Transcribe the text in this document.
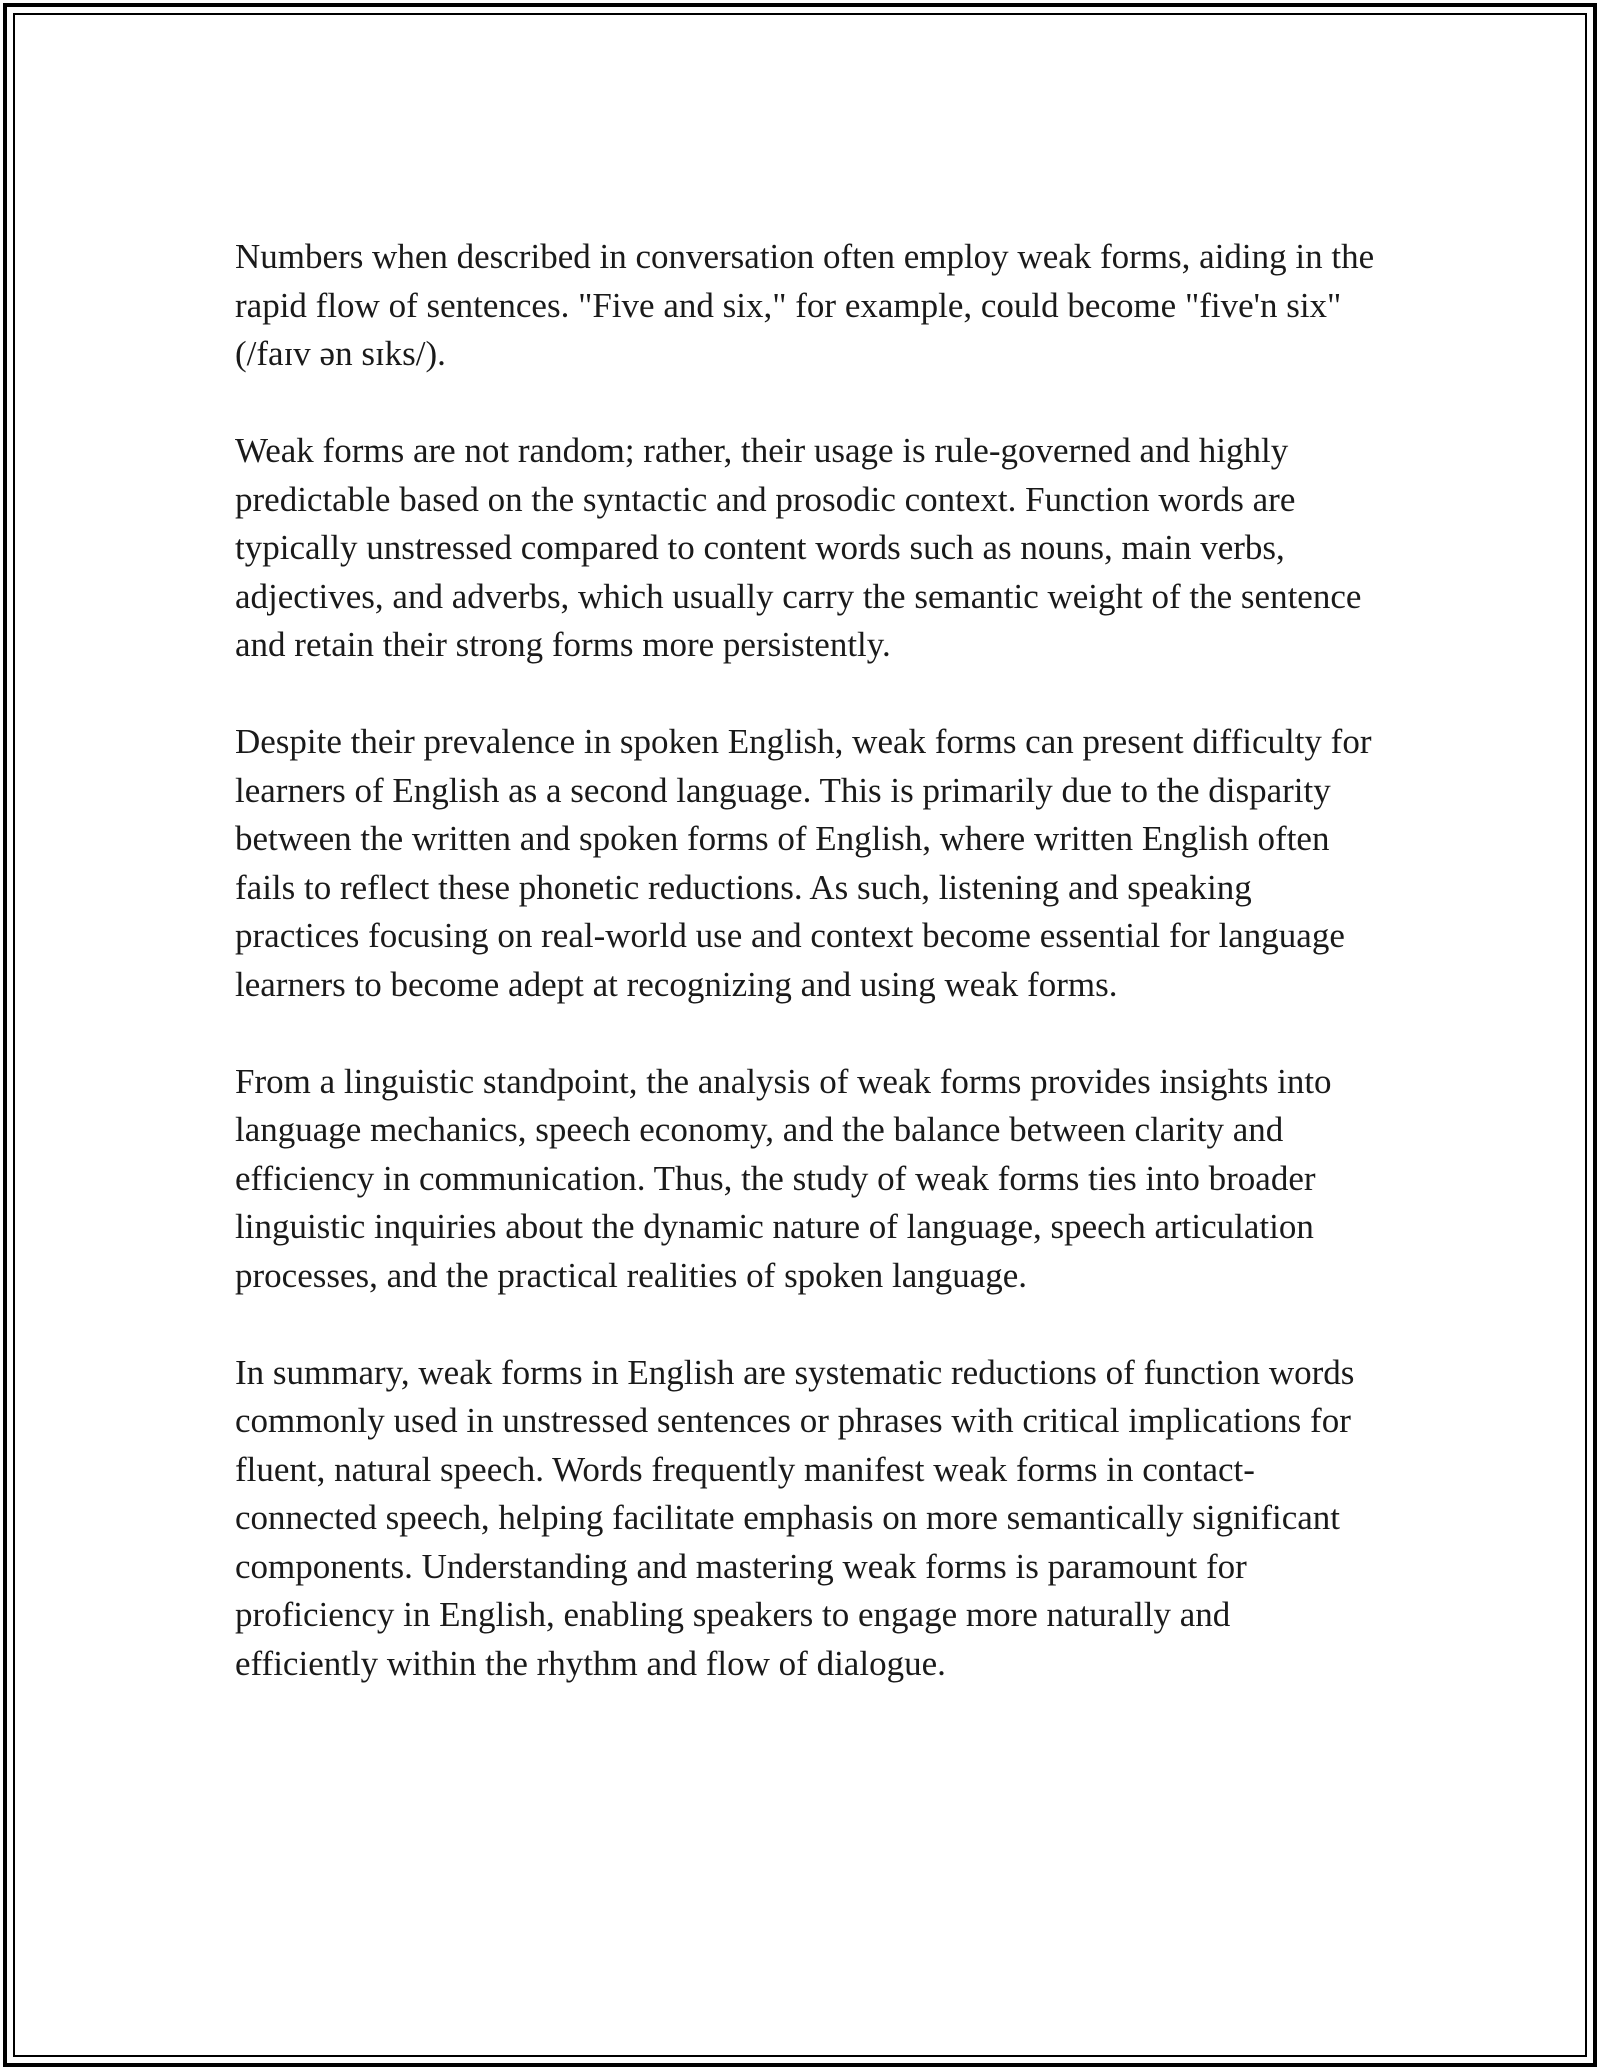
Numbers when described in conversation often employ weak forms, aiding in the rapid flow of sentences. "Five and six," for example, could become "five'n six" (/faɪv ən sɪks/).

Weak forms are not random; rather, their usage is rule-governed and highly predictable based on the syntactic and prosodic context. Function words are typically unstressed compared to content words such as nouns, main verbs, adjectives, and adverbs, which usually carry the semantic weight of the sentence and retain their strong forms more persistently.

Despite their prevalence in spoken English, weak forms can present difficulty for learners of English as a second language. This is primarily due to the disparity between the written and spoken forms of English, where written English often fails to reflect these phonetic reductions. As such, listening and speaking practices focusing on real-world use and context become essential for language learners to become adept at recognizing and using weak forms.

From a linguistic standpoint, the analysis of weak forms provides insights into language mechanics, speech economy, and the balance between clarity and efficiency in communication. Thus, the study of weak forms ties into broader linguistic inquiries about the dynamic nature of language, speech articulation processes, and the practical realities of spoken language.

In summary, weak forms in English are systematic reductions of function words commonly used in unstressed sentences or phrases with critical implications for fluent, natural speech. Words frequently manifest weak forms in contact-connected speech, helping facilitate emphasis on more semantically significant components. Understanding and mastering weak forms is paramount for proficiency in English, enabling speakers to engage more naturally and efficiently within the rhythm and flow of dialogue.
